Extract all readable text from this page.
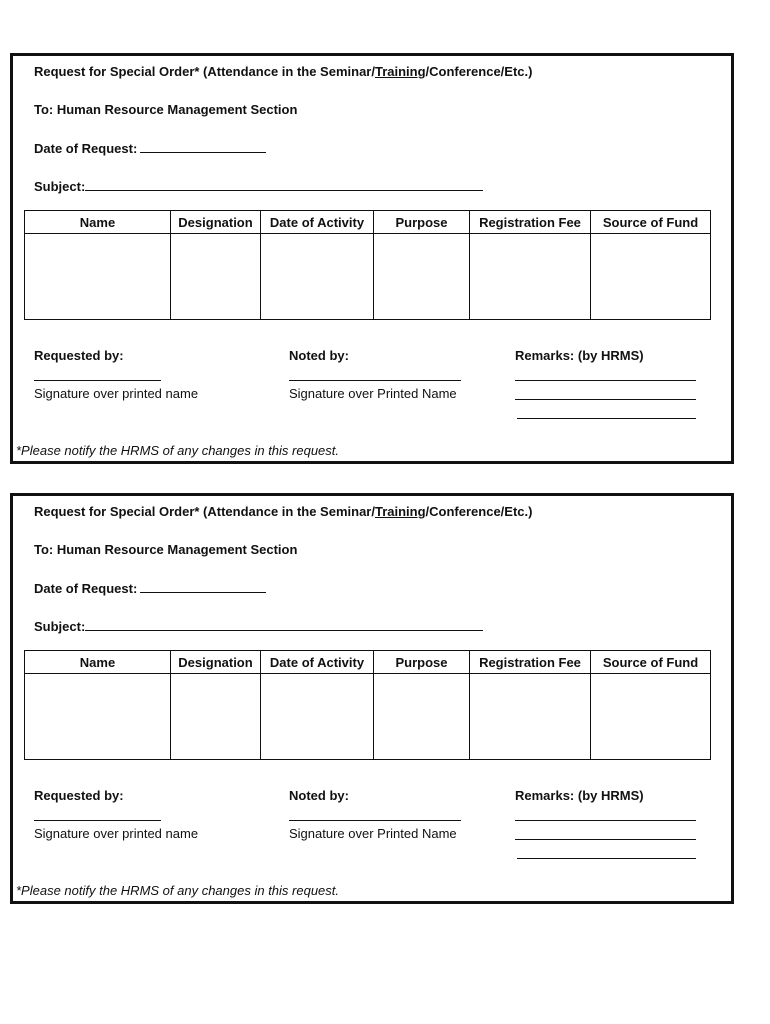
Request for Special Order* (Attendance in the Seminar/Training/Conference/Etc.)
To: Human Resource Management Section
Date of Request:
Subject:
Name	Designation	Date of Activity	Purpose	Registration Fee	Source of Fund

Requested by:
Signature over printed name
Noted by:
Signature over Printed Name
Remarks: (by HRMS)
*Please notify the HRMS of any changes in this request.
Request for Special Order* (Attendance in the Seminar/Training/Conference/Etc.)
To: Human Resource Management Section
Date of Request:
Subject:
Name	Designation	Date of Activity	Purpose	Registration Fee	Source of Fund

Requested by:
Signature over printed name
Noted by:
Signature over Printed Name
Remarks: (by HRMS)
*Please notify the HRMS of any changes in this request.
